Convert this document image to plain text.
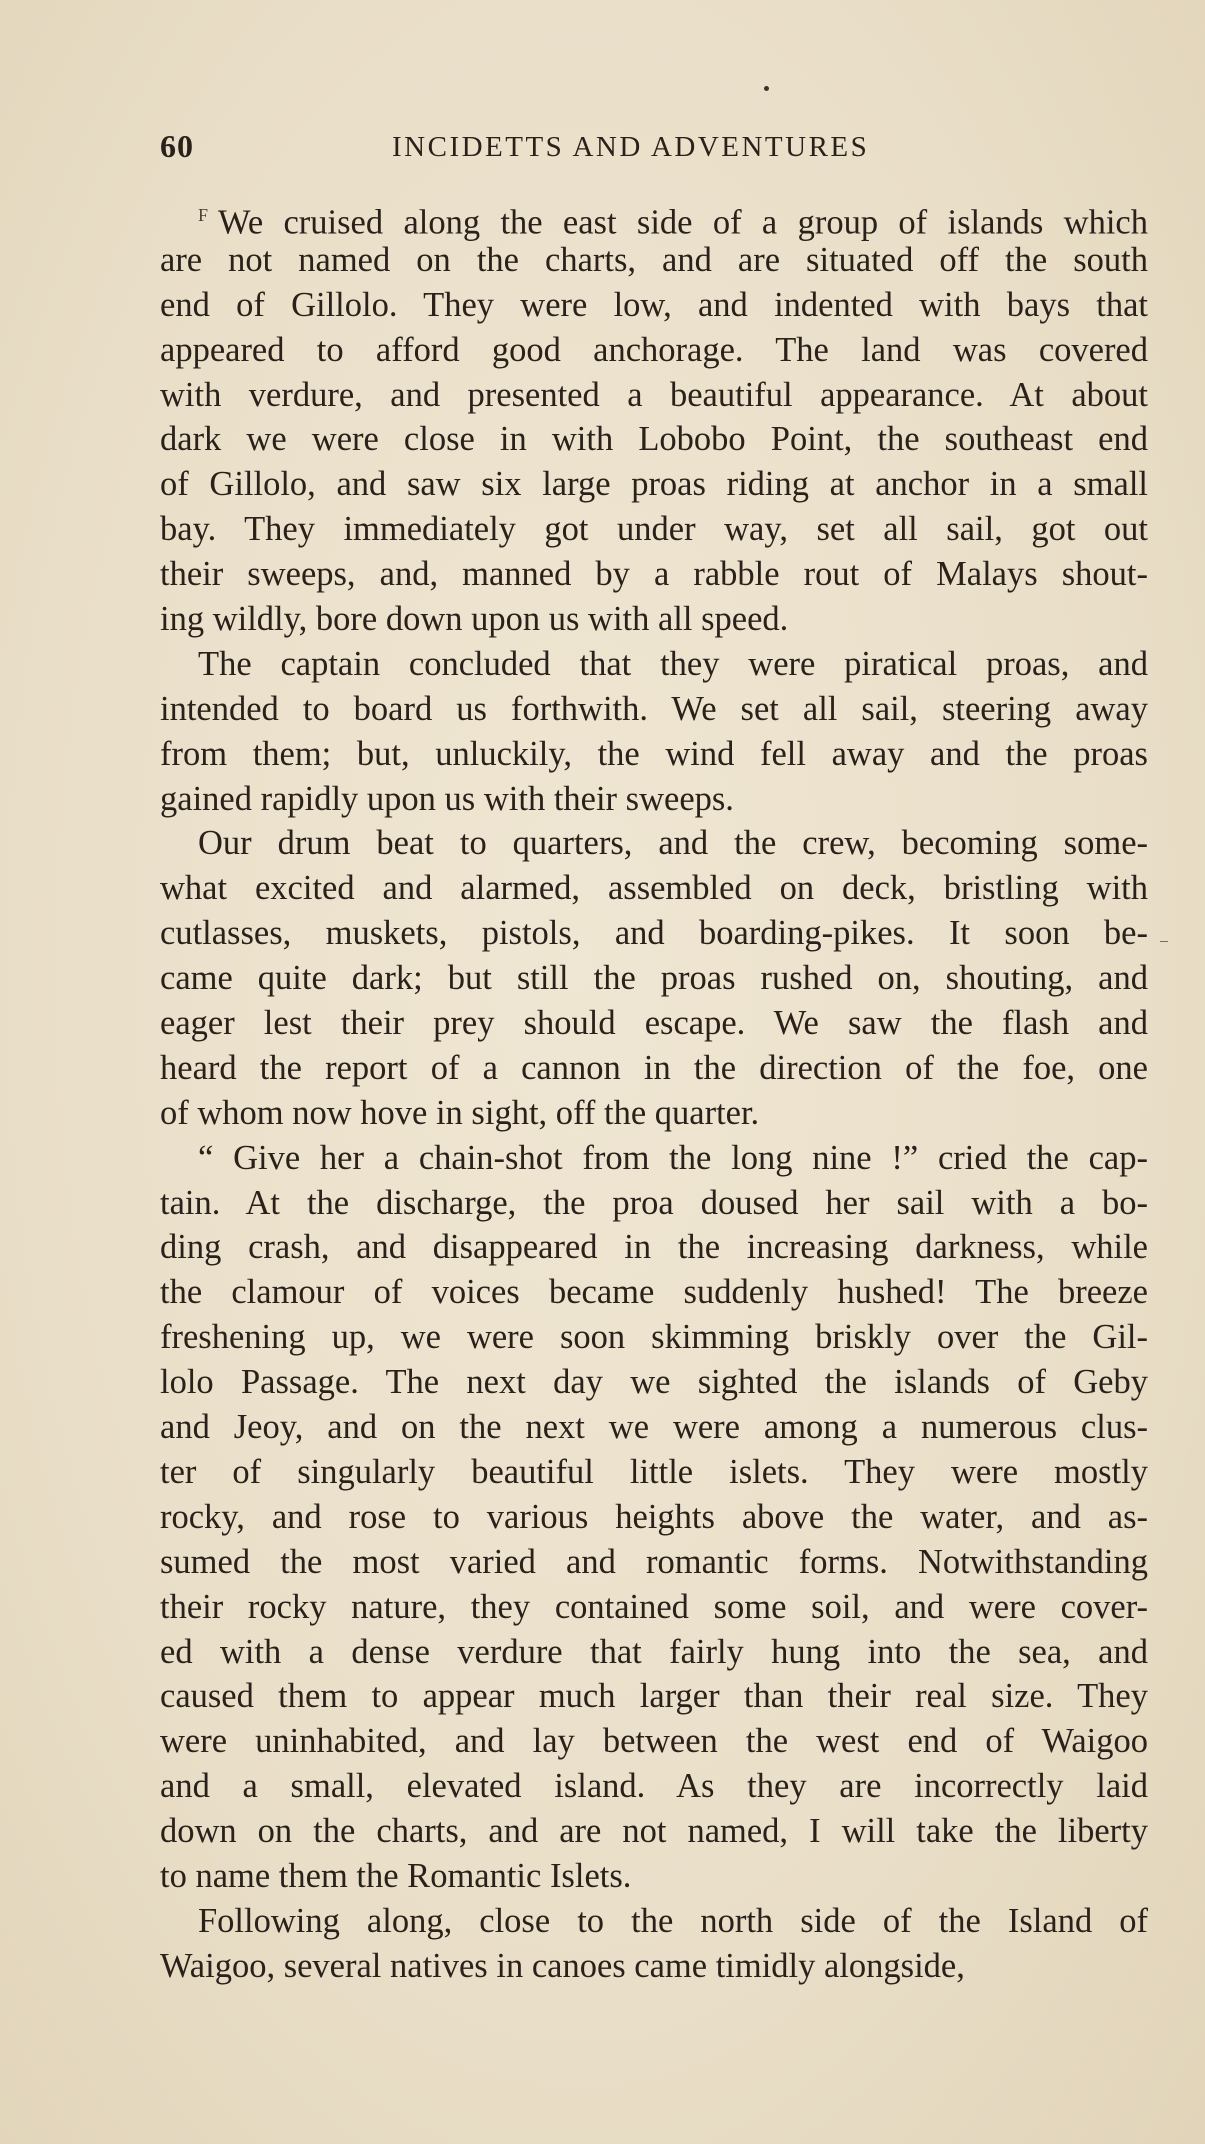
60	INCIDETTS AND ADVENTURES
$^F$ We cruised along the east side of a group of islands which
are not named on the charts, and are situated off the south
end of Gillolo. They were low, and indented with bays that
appeared to afford good anchorage. The land was covered
with verdure, and presented a beautiful appearance. At about
dark we were close in with Lobobo Point, the southeast end
of Gillolo, and saw six large proas riding at anchor in a small
bay. They immediately got under way, set all sail, got out
their sweeps, and, manned by a rabble rout of Malays shout-
ing wildly, bore down upon us with all speed.
The captain concluded that they were piratical proas, and
intended to board us forthwith. We set all sail, steering away
from them; but, unluckily, the wind fell away and the proas
gained rapidly upon us with their sweeps.
Our drum beat to quarters, and the crew, becoming some-
what excited and alarmed, assembled on deck, bristling with
cutlasses, muskets, pistols, and boarding-pikes. It soon be-
came quite dark; but still the proas rushed on, shouting, and
eager lest their prey should escape. We saw the flash and
heard the report of a cannon in the direction of the foe, one
of whom now hove in sight, off the quarter.
“ Give her a chain-shot from the long nine !” cried the cap-
tain. At the discharge, the proa doused her sail with a bo-
ding crash, and disappeared in the increasing darkness, while
the clamour of voices became suddenly hushed! The breeze
freshening up, we were soon skimming briskly over the Gil-
lolo Passage. The next day we sighted the islands of Geby
and Jeoy, and on the next we were among a numerous clus-
ter of singularly beautiful little islets. They were mostly
rocky, and rose to various heights above the water, and as-
sumed the most varied and romantic forms. Notwithstanding
their rocky nature, they contained some soil, and were cover-
ed with a dense verdure that fairly hung into the sea, and
caused them to appear much larger than their real size. They
were uninhabited, and lay between the west end of Waigoo
and a small, elevated island. As they are incorrectly laid
down on the charts, and are not named, I will take the liberty
to name them the Romantic Islets.
Following along, close to the north side of the Island of
Waigoo, several natives in canoes came timidly alongside,
